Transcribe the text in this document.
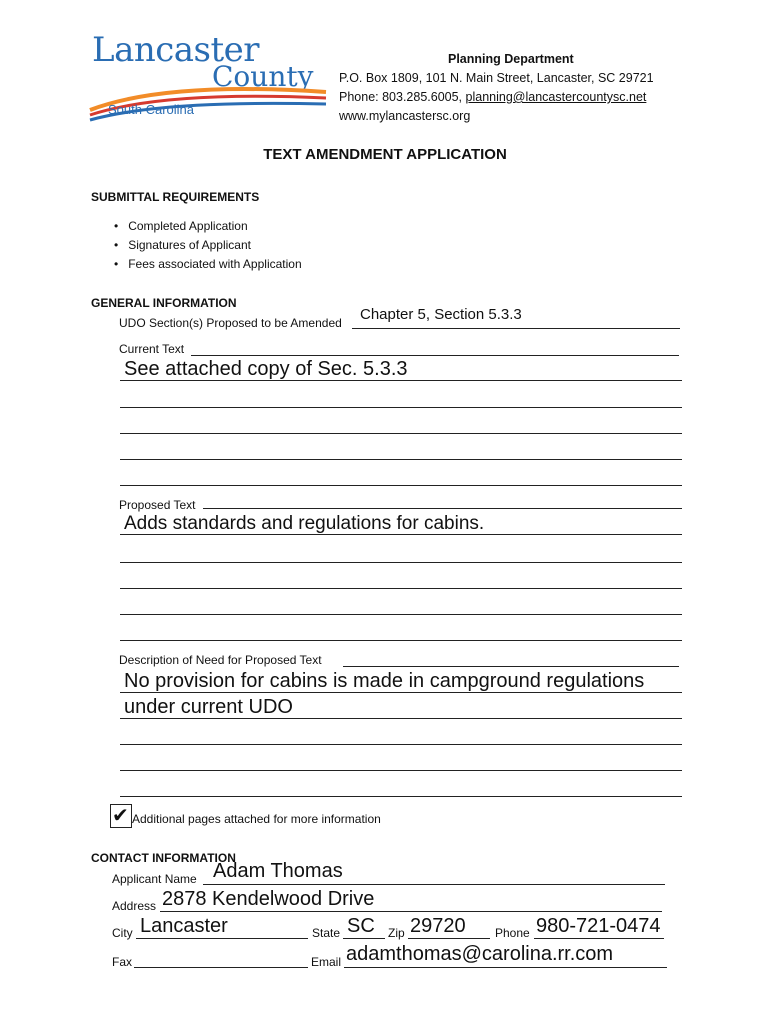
Lancaster
County
South Carolina
Planning Department
P.O. Box 1809, 101 N. Main Street, Lancaster, SC 29721
Phone: 803.285.6005, planning@lancastercountysc.net
www.mylancastersc.org
TEXT AMENDMENT APPLICATION
SUBMITTAL REQUIREMENTS
•   Completed Application
•   Signatures of Applicant
•   Fees associated with Application
GENERAL INFORMATION
UDO Section(s) Proposed to be Amended Chapter 5, Section 5.3.3
Current Text
See attached copy of Sec. 5.3.3
Proposed Text
Adds standards and regulations for cabins.
Description of Need for Proposed Text
No provision for cabins is made in campground regulations
under current UDO
✔ Additional pages attached for more information
CONTACT INFORMATION
Applicant Name Adam Thomas
Address 2878 Kendelwood Drive
City Lancaster	State SC Zip 29720 Phone 980-721-0474
Fax	Email adamthomas@carolina.rr.com
